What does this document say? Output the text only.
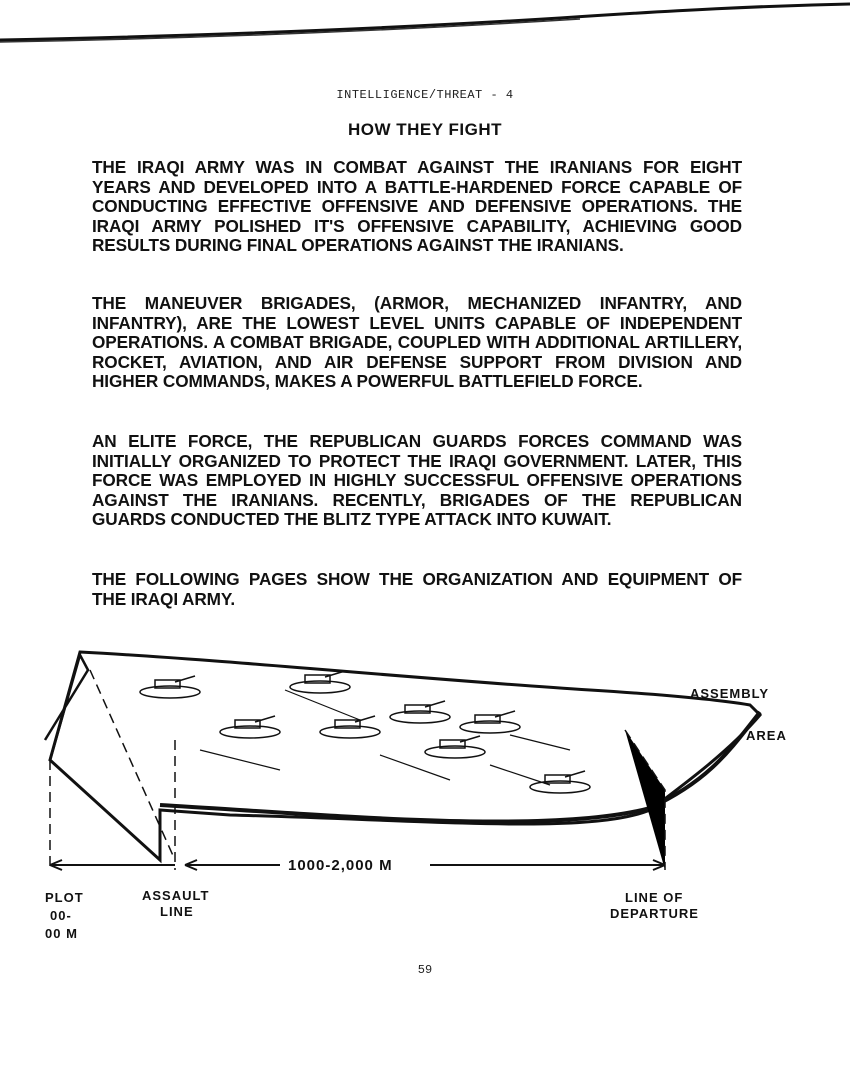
INTELLIGENCE/THREAT - 4
HOW THEY FIGHT

THE IRAQI ARMY WAS IN COMBAT AGAINST THE IRANIANS FOR EIGHT YEARS AND DEVELOPED INTO A BATTLE-HARDENED FORCE CAPABLE OF CONDUCTING EFFECTIVE OFFENSIVE AND DEFENSIVE OPERATIONS. THE IRAQI ARMY POLISHED IT'S OFFENSIVE CAPABILITY, ACHIEVING GOOD RESULTS DURING FINAL OPERATIONS AGAINST THE IRANIANS.

THE MANEUVER BRIGADES, (ARMOR, MECHANIZED INFANTRY, AND INFANTRY), ARE THE LOWEST LEVEL UNITS CAPABLE OF INDEPENDENT OPERATIONS. A COMBAT BRIGADE, COUPLED WITH ADDITIONAL ARTILLERY, ROCKET, AVIATION, AND AIR DEFENSE SUPPORT FROM DIVISION AND HIGHER COMMANDS, MAKES A POWERFUL BATTLEFIELD FORCE.

AN ELITE FORCE, THE REPUBLICAN GUARDS FORCES COMMAND WAS INITIALLY ORGANIZED TO PROTECT THE IRAQI GOVERNMENT. LATER, THIS FORCE WAS EMPLOYED IN HIGHLY SUCCESSFUL OFFENSIVE OPERATIONS AGAINST THE IRANIANS. RECENTLY, BRIGADES OF THE REPUBLICAN GUARDS CONDUCTED THE BLITZ TYPE ATTACK INTO KUWAIT.

THE FOLLOWING PAGES SHOW THE ORGANIZATION AND EQUIPMENT OF THE IRAQI ARMY.

ASSEMBLY
AREA
1000-2,000 M
ASSAULT
LINE
LINE OF
DEPARTURE
PLOT
00-
00 M
59
